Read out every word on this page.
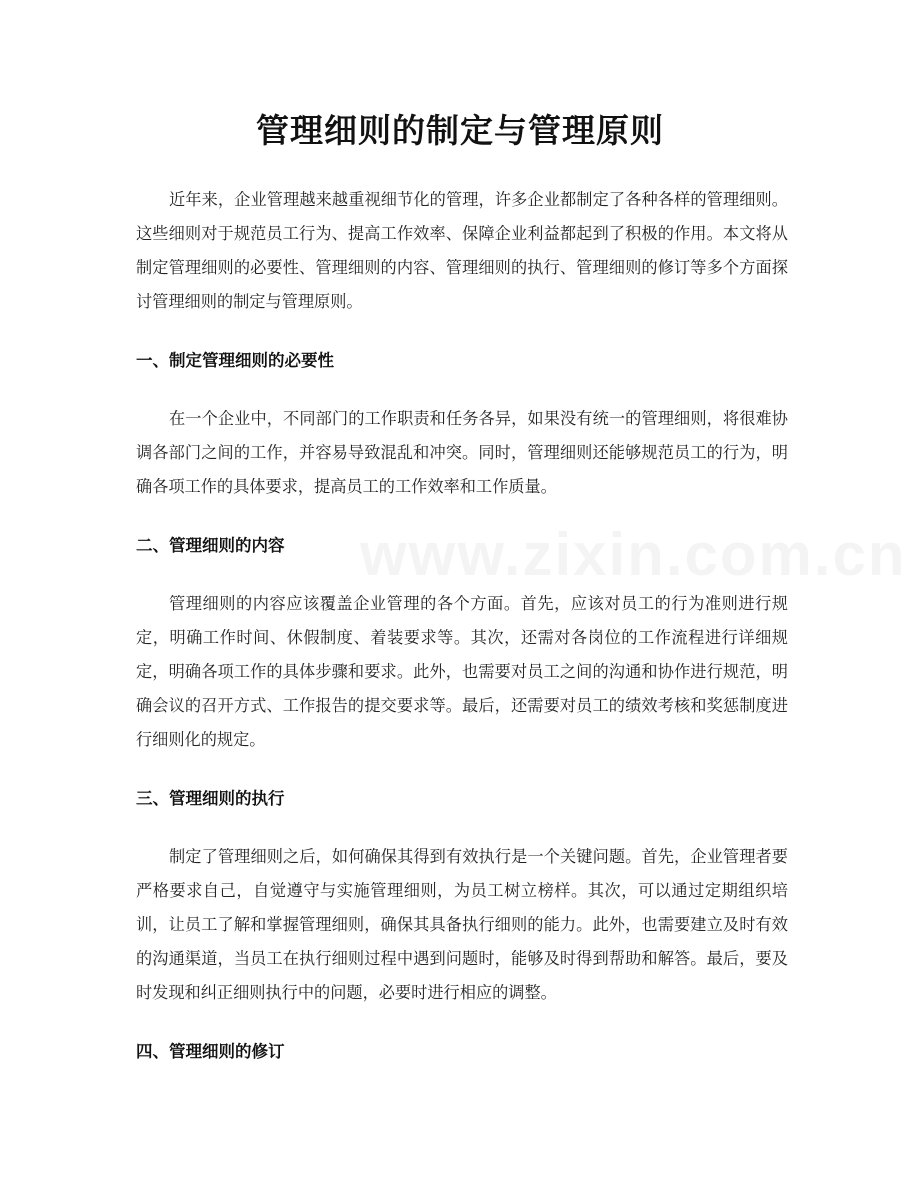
管理细则的制定与管理原则

近年来，企业管理越来越重视细节化的管理，许多企业都制定了各种各样的管理细则。这些细则对于规范员工行为、提高工作效率、保障企业利益都起到了积极的作用。本文将从制定管理细则的必要性、管理细则的内容、管理细则的执行、管理细则的修订等多个方面探讨管理细则的制定与管理原则。

一、制定管理细则的必要性

在一个企业中，不同部门的工作职责和任务各异，如果没有统一的管理细则，将很难协调各部门之间的工作，并容易导致混乱和冲突。同时，管理细则还能够规范员工的行为，明确各项工作的具体要求，提高员工的工作效率和工作质量。

二、管理细则的内容

管理细则的内容应该覆盖企业管理的各个方面。首先，应该对员工的行为准则进行规定，明确工作时间、休假制度、着装要求等。其次，还需对各岗位的工作流程进行详细规定，明确各项工作的具体步骤和要求。此外，也需要对员工之间的沟通和协作进行规范，明确会议的召开方式、工作报告的提交要求等。最后，还需要对员工的绩效考核和奖惩制度进行细则化的规定。

三、管理细则的执行

制定了管理细则之后，如何确保其得到有效执行是一个关键问题。首先，企业管理者要严格要求自己，自觉遵守与实施管理细则，为员工树立榜样。其次，可以通过定期组织培训，让员工了解和掌握管理细则，确保其具备执行细则的能力。此外，也需要建立及时有效的沟通渠道，当员工在执行细则过程中遇到问题时，能够及时得到帮助和解答。最后，要及时发现和纠正细则执行中的问题，必要时进行相应的调整。

四、管理细则的修订
